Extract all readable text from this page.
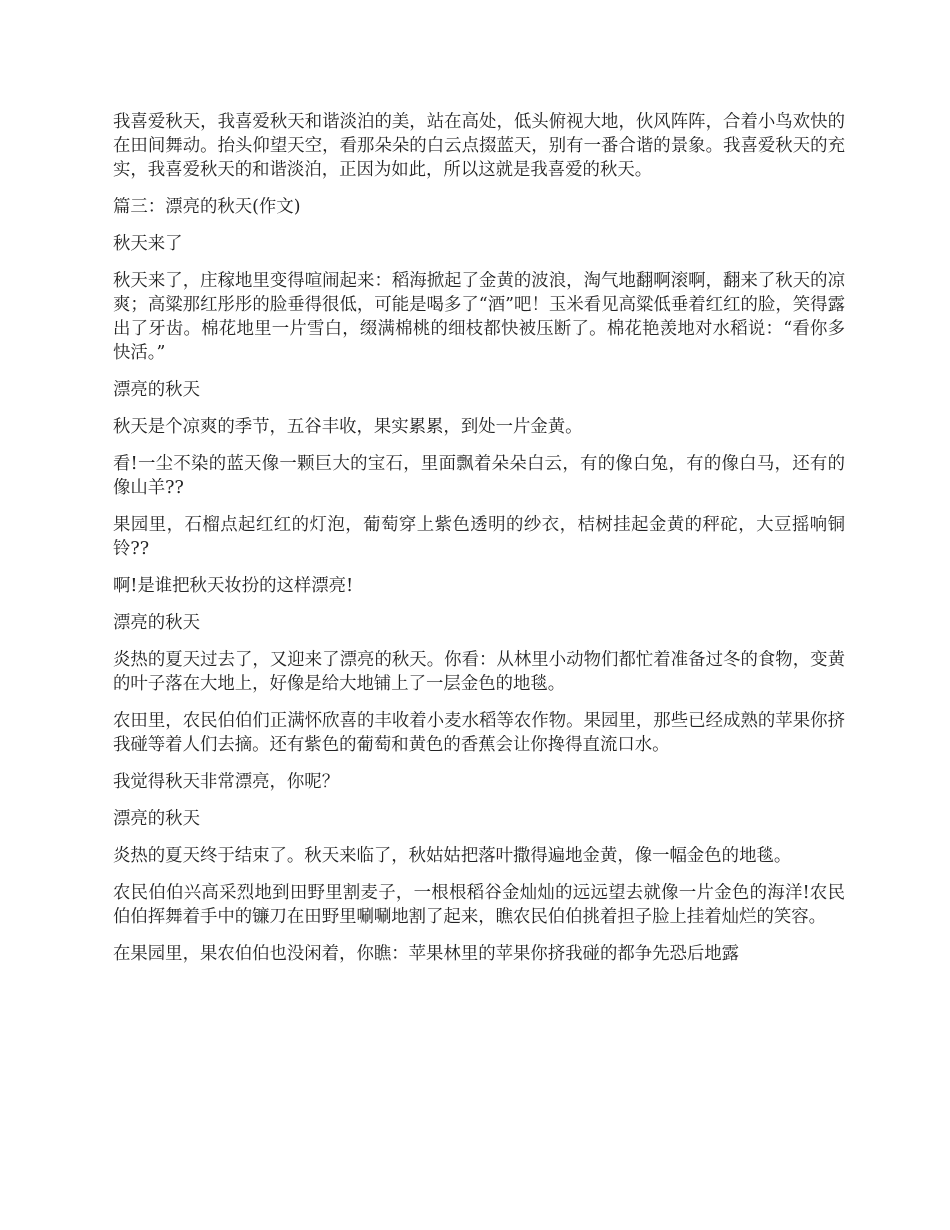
我喜爱秋天，我喜爱秋天和谐淡泊的美，站在高处，低头俯视大地，伙风阵阵，合着小鸟欢快的在田间舞动。抬头仰望天空，看那朵朵的白云点掇蓝天，别有一番合谐的景象。我喜爱秋天的充实，我喜爱秋天的和谐淡泊，正因为如此，所以这就是我喜爱的秋天。

篇三：漂亮的秋天(作文)

秋天来了

秋天来了，庄稼地里变得喧闹起来：稻海掀起了金黄的波浪，淘气地翻啊滚啊，翻来了秋天的凉爽；高粱那红彤彤的脸垂得很低，可能是喝多了“酒”吧！玉米看见高粱低垂着红红的脸，笑得露出了牙齿。棉花地里一片雪白，缀满棉桃的细枝都快被压断了。棉花艳羡地对水稻说：“看你多快活。”

漂亮的秋天

秋天是个凉爽的季节，五谷丰收，果实累累，到处一片金黄。

看!一尘不染的蓝天像一颗巨大的宝石，里面飘着朵朵白云，有的像白兔，有的像白马，还有的像山羊??

果园里，石榴点起红红的灯泡，葡萄穿上紫色透明的纱衣，桔树挂起金黄的秤砣，大豆摇响铜铃??

啊!是谁把秋天妆扮的这样漂亮!

漂亮的秋天

炎热的夏天过去了，又迎来了漂亮的秋天。你看：从林里小动物们都忙着准备过冬的食物，变黄的叶子落在大地上，好像是给大地铺上了一层金色的地毯。

农田里，农民伯伯们正满怀欣喜的丰收着小麦水稻等农作物。果园里，那些已经成熟的苹果你挤我碰等着人们去摘。还有紫色的葡萄和黄色的香蕉会让你搀得直流口水。

我觉得秋天非常漂亮，你呢？

漂亮的秋天

炎热的夏天终于结束了。秋天来临了，秋姑姑把落叶撒得遍地金黄，像一幅金色的地毯。

农民伯伯兴高采烈地到田野里割麦子，一根根稻谷金灿灿的远远望去就像一片金色的海洋!农民伯伯挥舞着手中的镰刀在田野里唰唰地割了起来，瞧农民伯伯挑着担子脸上挂着灿烂的笑容。

在果园里，果农伯伯也没闲着，你瞧：苹果林里的苹果你挤我碰的都争先恐后地露
